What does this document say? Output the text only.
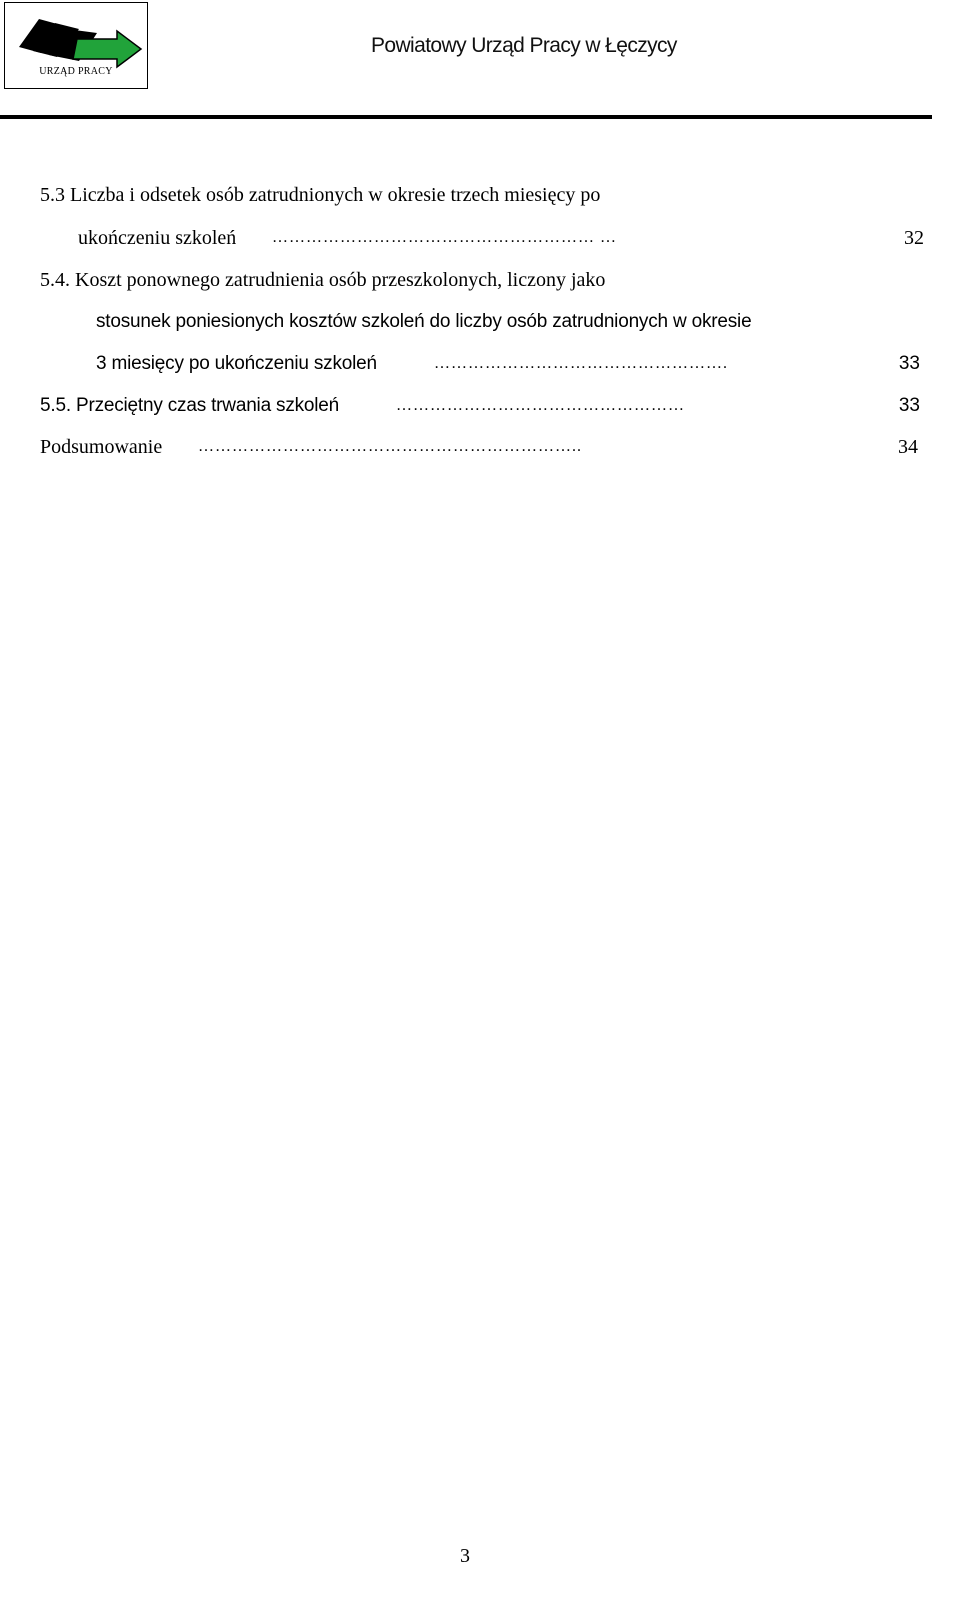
URZĄD PRACY
Powiatowy Urząd Pracy w Łęczycy
5.3 Liczba i odsetek osób zatrudnionych w okresie trzech miesięcy po
ukończeniu szkoleń ………………………………………………… …	32
5.4. Koszt ponownego zatrudnienia osób przeszkolonych, liczony jako
stosunek poniesionych kosztów szkoleń do liczby osób zatrudnionych w okresie
3 miesięcy po ukończeniu szkoleń	…………………………………………….	33
5.5. Przeciętny czas trwania szkoleń	……………………………………………	33
Podsumowanie …………………………………………………………..	34
3
